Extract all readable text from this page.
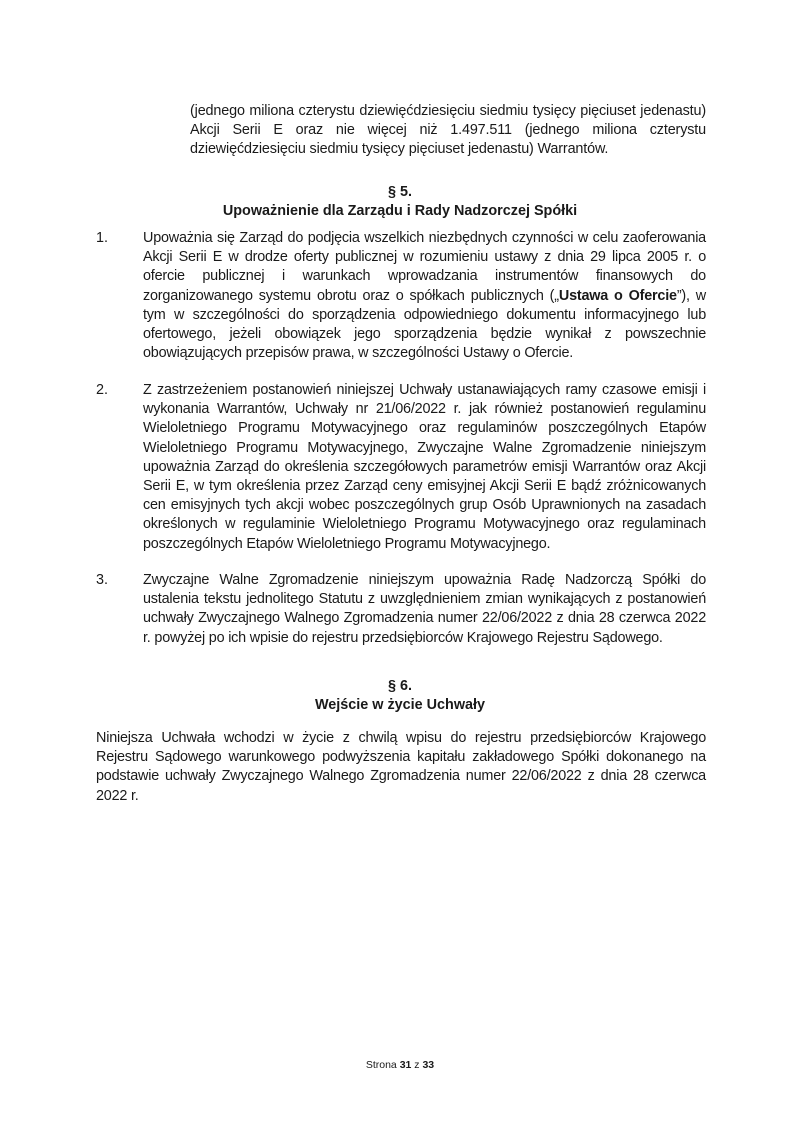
(jednego miliona czterystu dziewięćdziesięciu siedmiu tysięcy pięciuset jedenastu) Akcji Serii E oraz nie więcej niż 1.497.511 (jednego miliona czterystu dziewięćdziesięciu siedmiu tysięcy pięciuset jedenastu) Warrantów.
§ 5.
Upoważnienie dla Zarządu i Rady Nadzorczej Spółki
1. Upoważnia się Zarząd do podjęcia wszelkich niezbędnych czynności w celu zaoferowania Akcji Serii E w drodze oferty publicznej w rozumieniu ustawy z dnia 29 lipca 2005 r. o ofercie publicznej i warunkach wprowadzania instrumentów finansowych do zorganizowanego systemu obrotu oraz o spółkach publicznych („Ustawa o Ofercie”), w tym w szczególności do sporządzenia odpowiedniego dokumentu informacyjnego lub ofertowego, jeżeli obowiązek jego sporządzenia będzie wynikał z powszechnie obowiązujących przepisów prawa, w szczególności Ustawy o Ofercie.
2. Z zastrzeżeniem postanowień niniejszej Uchwały ustanawiających ramy czasowe emisji i wykonania Warrantów, Uchwały nr 21/06/2022 r. jak również postanowień regulaminu Wieloletniego Programu Motywacyjnego oraz regulaminów poszczególnych Etapów Wieloletniego Programu Motywacyjnego, Zwyczajne Walne Zgromadzenie niniejszym upoważnia Zarząd do określenia szczegółowych parametrów emisji Warrantów oraz Akcji Serii E, w tym określenia przez Zarząd ceny emisyjnej Akcji Serii E bądź zróżnicowanych cen emisyjnych tych akcji wobec poszczególnych grup Osób Uprawnionych na zasadach określonych w regulaminie Wieloletniego Programu Motywacyjnego oraz regulaminach poszczególnych Etapów Wieloletniego Programu Motywacyjnego.
3. Zwyczajne Walne Zgromadzenie niniejszym upoważnia Radę Nadzorczą Spółki do ustalenia tekstu jednolitego Statutu z uwzględnieniem zmian wynikających z postanowień uchwały Zwyczajnego Walnego Zgromadzenia numer 22/06/2022 z dnia 28 czerwca 2022 r. powyżej po ich wpisie do rejestru przedsiębiorców Krajowego Rejestru Sądowego.
§ 6.
Wejście w życie Uchwały
Niniejsza Uchwała wchodzi w życie z chwilą wpisu do rejestru przedsiębiorców Krajowego Rejestru Sądowego warunkowego podwyższenia kapitału zakładowego Spółki dokonanego na podstawie uchwały Zwyczajnego Walnego Zgromadzenia numer 22/06/2022 z dnia 28 czerwca 2022 r.
Strona 31 z 33
